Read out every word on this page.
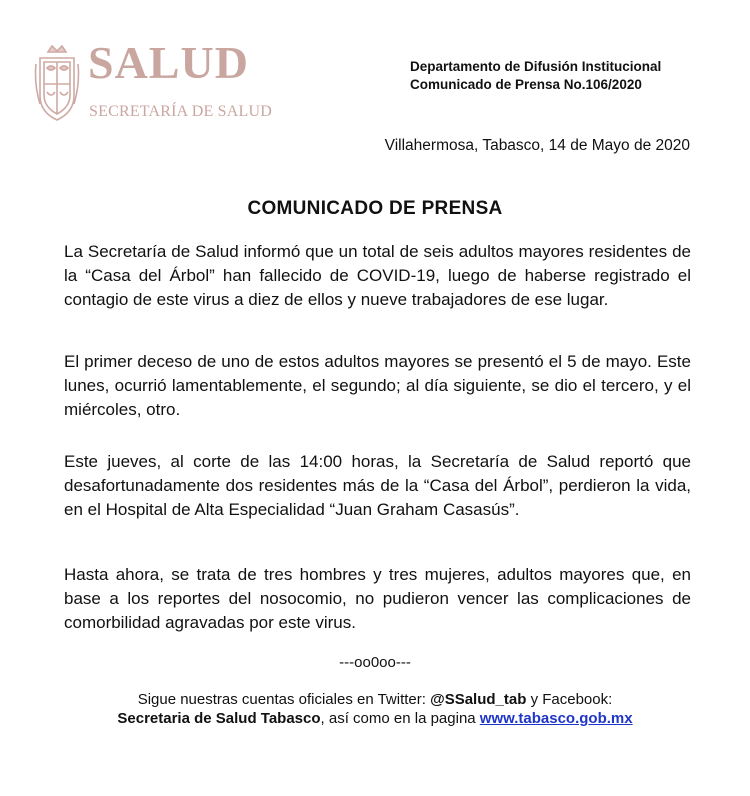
SALUD
SECRETARÍA DE SALUD
Departamento de Difusión Institucional
Comunicado de Prensa No.106/2020
Villahermosa, Tabasco, 14 de Mayo de 2020
COMUNICADO DE PRENSA
La Secretaría de Salud informó que un total de seis adultos mayores residentes de la “Casa del Árbol” han fallecido de COVID-19, luego de haberse registrado el contagio de este virus a diez de ellos y nueve trabajadores de ese lugar.
El primer deceso de uno de estos adultos mayores se presentó el 5 de mayo. Este lunes, ocurrió lamentablemente, el segundo; al día siguiente, se dio el tercero, y el miércoles, otro.
Este jueves, al corte de las 14:00 horas, la Secretaría de Salud reportó que desafortunadamente dos residentes más de la “Casa del Árbol”, perdieron la vida, en el Hospital de Alta Especialidad “Juan Graham Casasús”.
Hasta ahora, se trata de tres hombres y tres mujeres, adultos mayores que, en base a los reportes del nosocomio, no pudieron vencer las complicaciones de comorbilidad agravadas por este virus.
---oo0oo---
Sigue nuestras cuentas oficiales en Twitter: @SSalud_tab y Facebook:
Secretaria de Salud Tabasco, así como en la pagina www.tabasco.gob.mx
